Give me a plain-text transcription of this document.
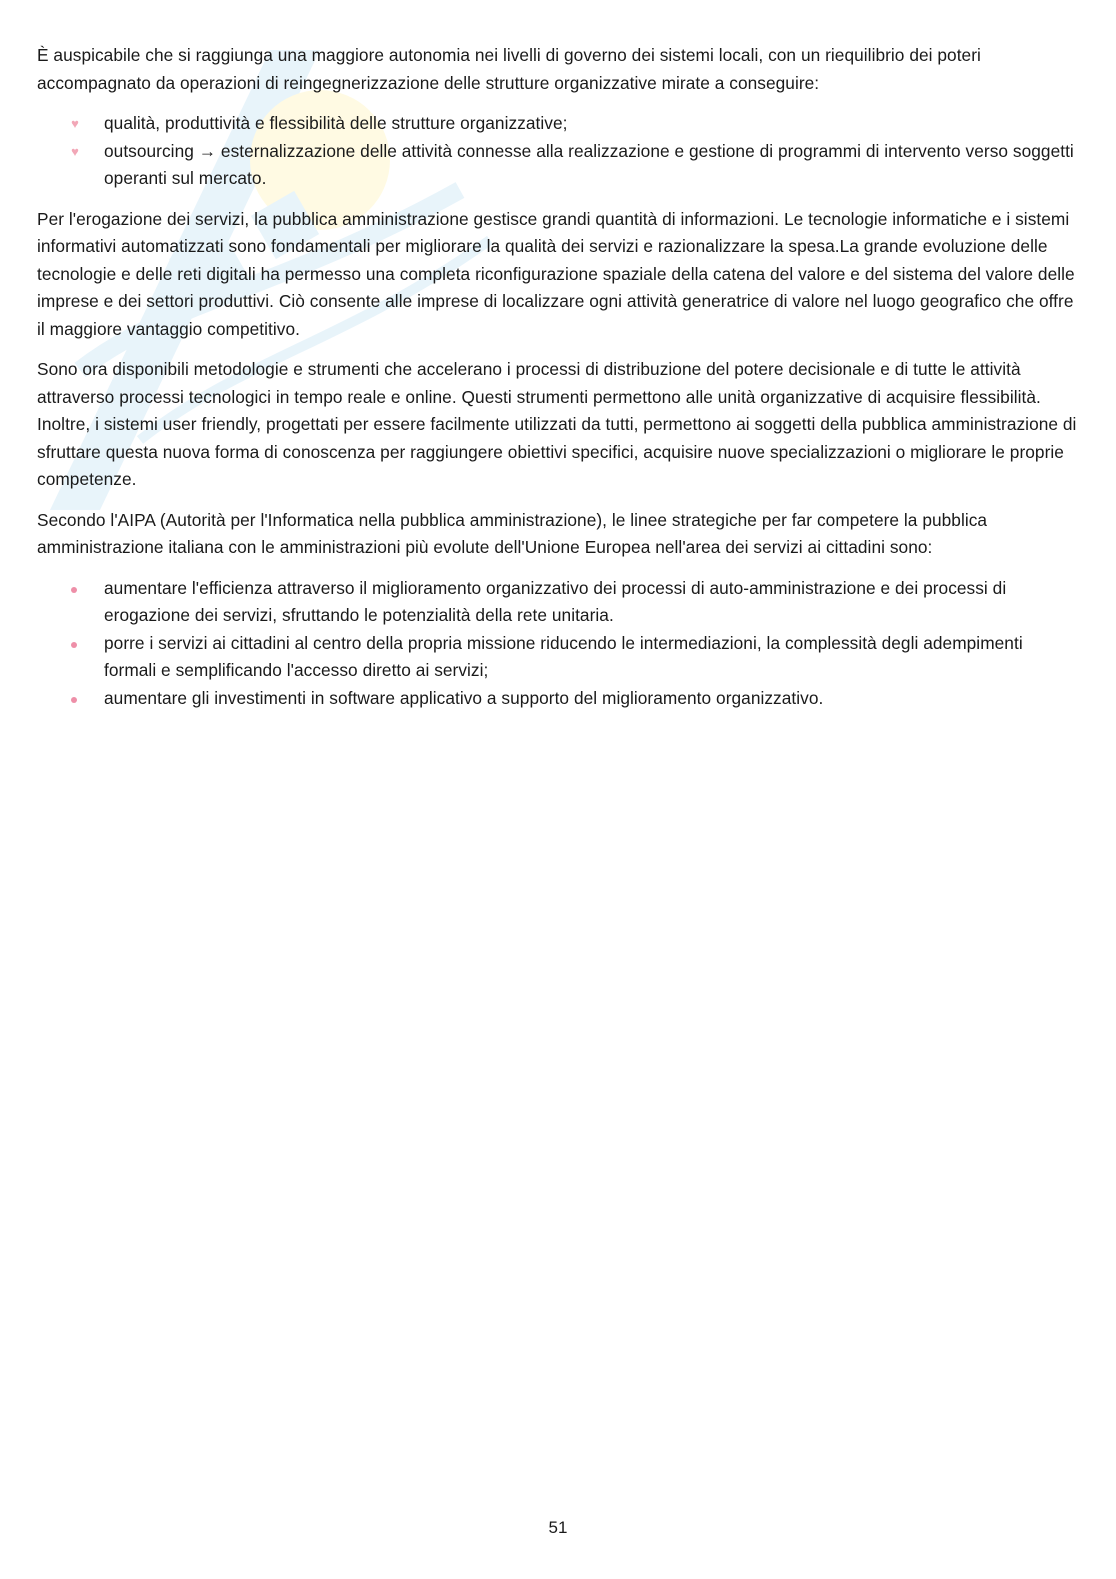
È auspicabile che si raggiunga una maggiore autonomia nei livelli di governo dei sistemi locali, con un riequilibrio dei poteri accompagnato da operazioni di reingegnerizzazione delle strutture organizzative mirate a conseguire:

♥ qualità, produttività e flessibilità delle strutture organizzative;
♥ outsourcing → esternalizzazione delle attività connesse alla realizzazione e gestione di programmi di intervento verso soggetti operanti sul mercato.

Per l'erogazione dei servizi, la pubblica amministrazione gestisce grandi quantità di informazioni. Le tecnologie informatiche e i sistemi informativi automatizzati sono fondamentali per migliorare la qualità dei servizi e razionalizzare la spesa.La grande evoluzione delle tecnologie e delle reti digitali ha permesso una completa riconfigurazione spaziale della catena del valore e del sistema del valore delle imprese e dei settori produttivi. Ciò consente alle imprese di localizzare ogni attività generatrice di valore nel luogo geografico che offre il maggiore vantaggio competitivo.

Sono ora disponibili metodologie e strumenti che accelerano i processi di distribuzione del potere decisionale e di tutte le attività attraverso processi tecnologici in tempo reale e online. Questi strumenti permettono alle unità organizzative di acquisire flessibilità. Inoltre, i sistemi user friendly, progettati per essere facilmente utilizzati da tutti, permettono ai soggetti della pubblica amministrazione di sfruttare questa nuova forma di conoscenza per raggiungere obiettivi specifici, acquisire nuove specializzazioni o migliorare le proprie competenze.

Secondo l'AIPA (Autorità per l'Informatica nella pubblica amministrazione), le linee strategiche per far competere la pubblica amministrazione italiana con le amministrazioni più evolute dell'Unione Europea nell'area dei servizi ai cittadini sono:

aumentare l'efficienza attraverso il miglioramento organizzativo dei processi di auto-amministrazione e dei processi di erogazione dei servizi, sfruttando le potenzialità della rete unitaria.
porre i servizi ai cittadini al centro della propria missione riducendo le intermediazioni, la complessità degli adempimenti formali e semplificando l'accesso diretto ai servizi;
aumentare gli investimenti in software applicativo a supporto del miglioramento organizzativo.
51
